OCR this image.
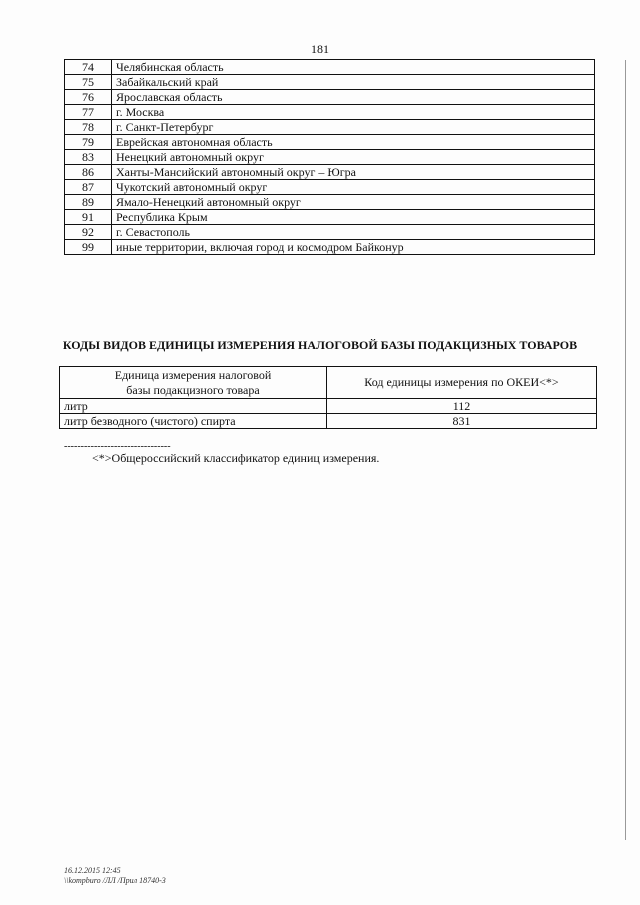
181
74	Челябинская область
75	Забайкальский край
76	Ярославская область
77	г. Москва
78	г. Санкт-Петербург
79	Еврейская автономная область
83	Ненецкий автономный округ
86	Ханты-Мансийский автономный округ – Югра
87	Чукотский автономный округ
89	Ямало-Ненецкий автономный округ
91	Республика Крым
92	г. Севастополь
99	иные территории, включая город и космодром Байконур
КОДЫ ВИДОВ ЕДИНИЦЫ ИЗМЕРЕНИЯ НАЛОГОВОЙ БАЗЫ ПОДАКЦИЗНЫХ ТОВАРОВ
Единица измерения налоговой
базы подакцизного товара	Код единицы измерения по ОКЕИ<*>
литр	112
литр безводного (чистого) спирта	831
--------------------------------
<*>Общероссийский классификатор единиц измерения.
16.12.2015 12:45
\\kompburo /ЛЛ /Прил 18740-3
